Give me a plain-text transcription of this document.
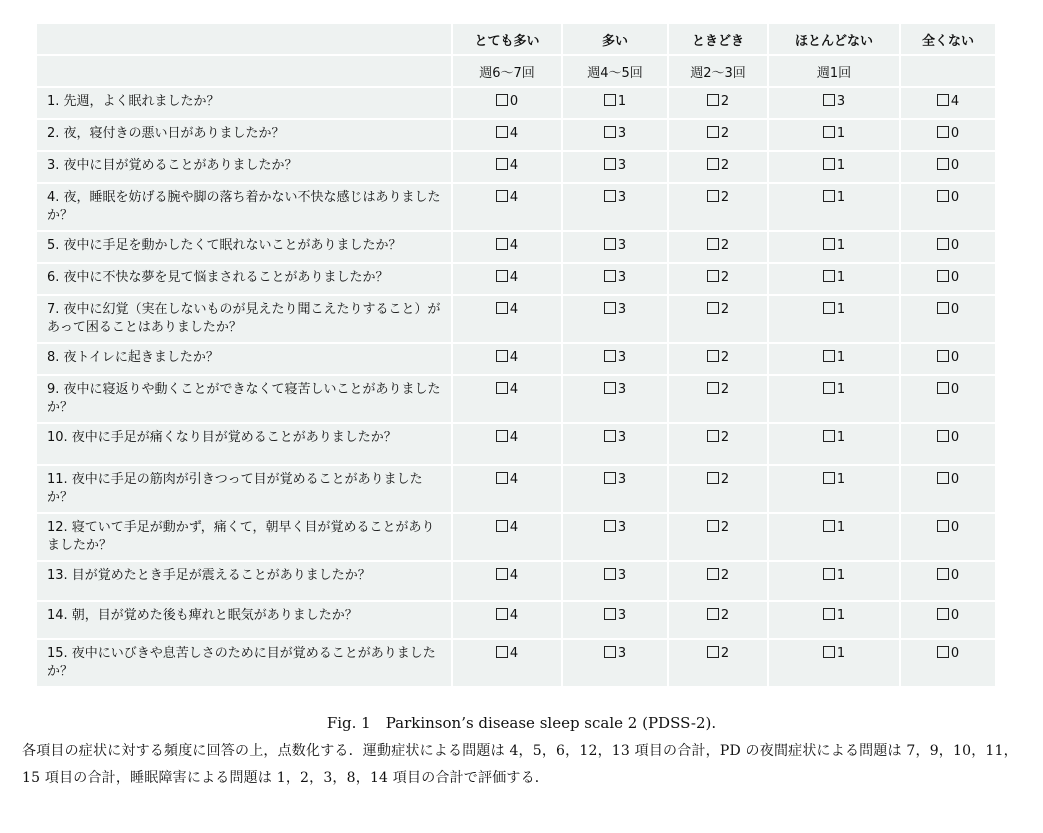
	とても多い	多い	ときどき	ほとんどない	全くない
	週6〜7回	週4〜5回	週2〜3回	週1回	
1. 先週，よく眠れましたか？	0	1	2	3	4
2. 夜，寝付きの悪い日がありましたか？	4	3	2	1	0
3. 夜中に目が覚めることがありましたか？	4	3	2	1	0
4. 夜，睡眠を妨げる腕や脚の落ち着かない不快な感じはありましたか？	4	3	2	1	0
5. 夜中に手足を動かしたくて眠れないことがありましたか？	4	3	2	1	0
6. 夜中に不快な夢を見て悩まされることがありましたか？	4	3	2	1	0
7. 夜中に幻覚（実在しないものが見えたり聞こえたりすること）があって困ることはありましたか？	4	3	2	1	0
8. 夜トイレに起きましたか？	4	3	2	1	0
9. 夜中に寝返りや動くことができなくて寝苦しいことがありましたか？	4	3	2	1	0
10. 夜中に手足が痛くなり目が覚めることがありましたか？	4	3	2	1	0
11. 夜中に手足の筋肉が引きつって目が覚めることがありましたか？	4	3	2	1	0
12. 寝ていて手足が動かず，痛くて，朝早く目が覚めることがありましたか？	4	3	2	1	0
13. 目が覚めたとき手足が震えることがありましたか？	4	3	2	1	0
14. 朝，目が覚めた後も痺れと眠気がありましたか？	4	3	2	1	0
15. 夜中にいびきや息苦しさのために目が覚めることがありましたか？	4	3	2	1	0
Fig. 1　Parkinson’s disease sleep scale 2 (PDSS-2).
各項目の症状に対する頻度に回答の上，点数化する．運動症状による問題は 4，5，6，12，13 項目の合計，PD の夜間症状による問題は 7，9，10，11，15 項目の合計，睡眠障害による問題は 1，2，3，8，14 項目の合計で評価する．
